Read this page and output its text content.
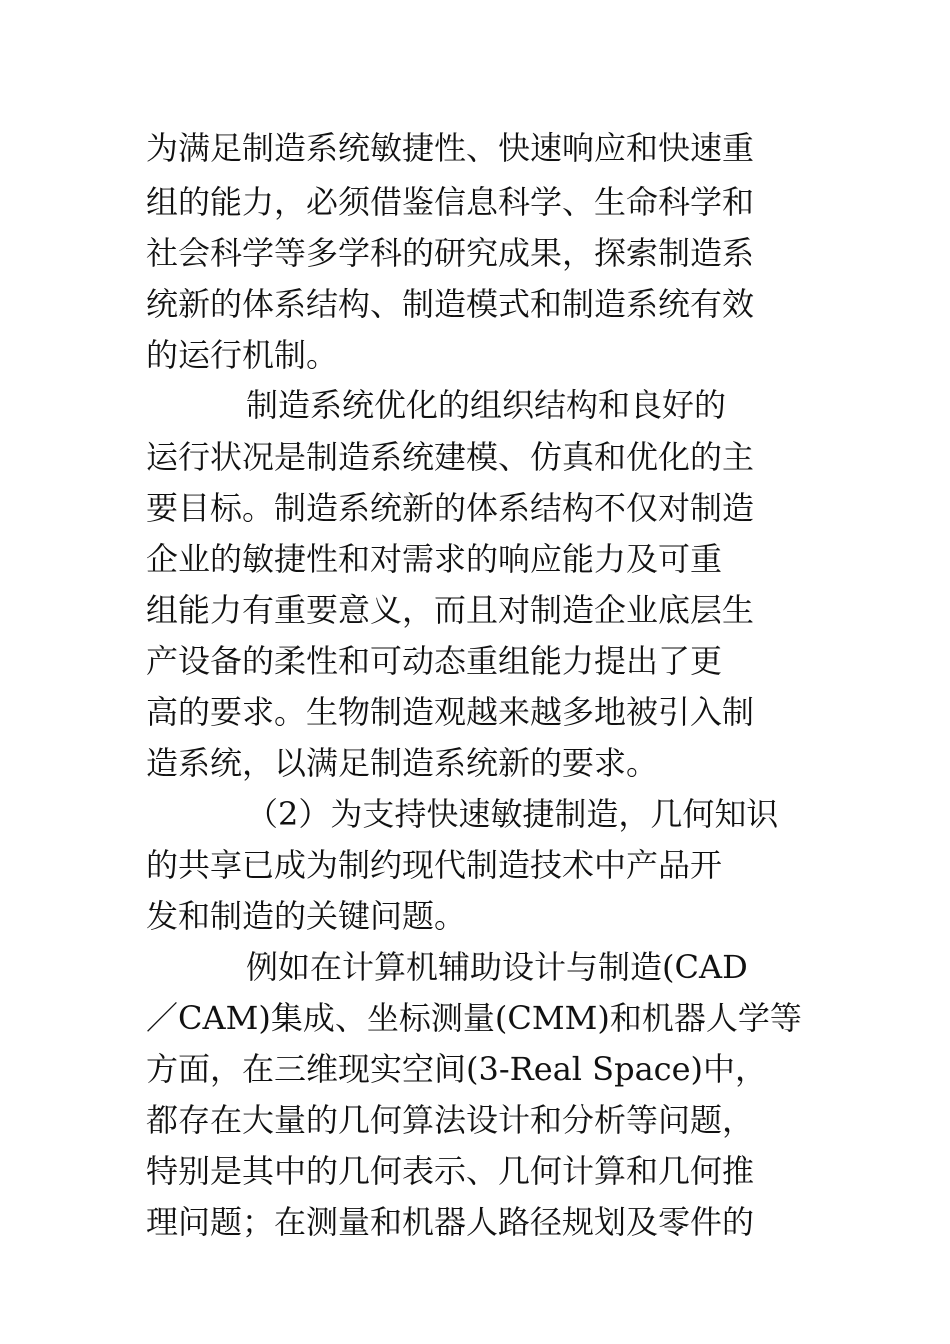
为满足制造系统敏捷性、快速响应和快速重
组的能力，必须借鉴信息科学、生命科学和
社会科学等多学科的研究成果，探索制造系
统新的体系结构、制造模式和制造系统有效
的运行机制。
制造系统优化的组织结构和良好的
运行状况是制造系统建模、仿真和优化的主
要目标。制造系统新的体系结构不仅对制造
企业的敏捷性和对需求的响应能力及可重
组能力有重要意义，而且对制造企业底层生
产设备的柔性和可动态重组能力提出了更
高的要求。生物制造观越来越多地被引入制
造系统，以满足制造系统新的要求。
（2）为支持快速敏捷制造，几何知识
的共享已成为制约现代制造技术中产品开
发和制造的关键问题。
例如在计算机辅助设计与制造(CAD
／CAM)集成、坐标测量(CMM)和机器人学等
方面，在三维现实空间(3-Real Space)中，
都存在大量的几何算法设计和分析等问题，
特别是其中的几何表示、几何计算和几何推
理问题；在测量和机器人路径规划及零件的
